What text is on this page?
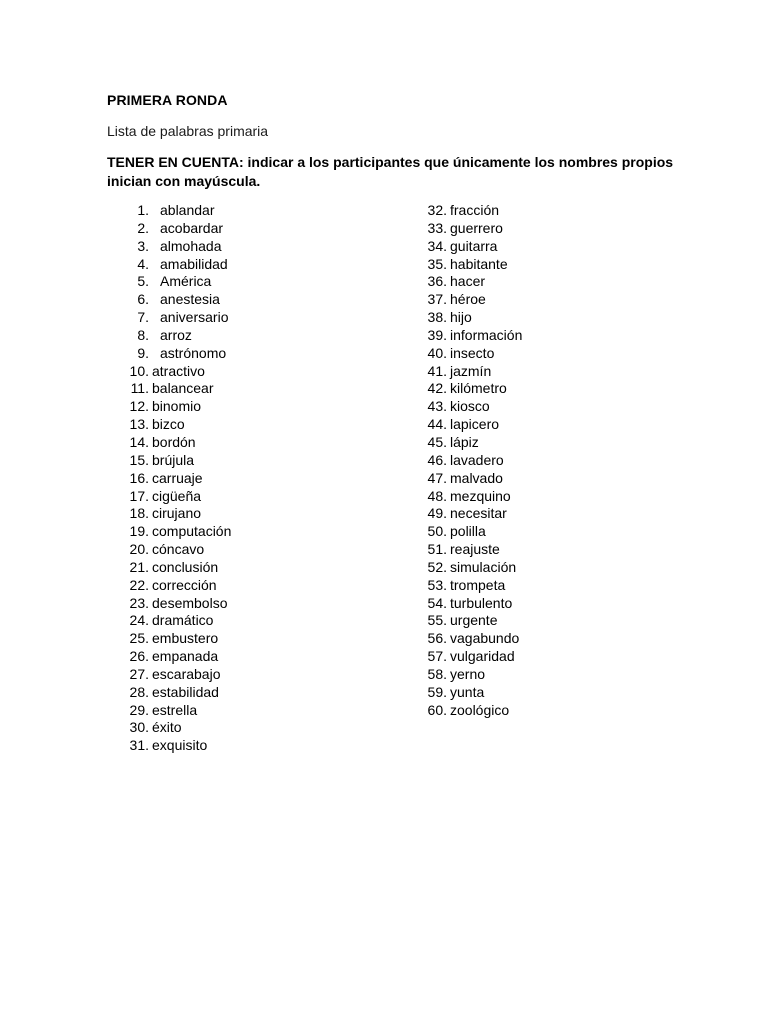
PRIMERA RONDA

Lista de palabras primaria

TENER EN CUENTA: indicar a los participantes que únicamente los nombres propios inician con mayúscula.

1. ablandar
2. acobardar
3. almohada
4. amabilidad
5. América
6. anestesia
7. aniversario
8. arroz
9. astrónomo
10. atractivo
11. balancear
12. binomio
13. bizco
14. bordón
15. brújula
16. carruaje
17. cigüeña
18. cirujano
19. computación
20. cóncavo
21. conclusión
22. corrección
23. desembolso
24. dramático
25. embustero
26. empanada
27. escarabajo
28. estabilidad
29. estrella
30. éxito
31. exquisito
32. fracción
33. guerrero
34. guitarra
35. habitante
36. hacer
37. héroe
38. hijo
39. información
40. insecto
41. jazmín
42. kilómetro
43. kiosco
44. lapicero
45. lápiz
46. lavadero
47. malvado
48. mezquino
49. necesitar
50. polilla
51. reajuste
52. simulación
53. trompeta
54. turbulento
55. urgente
56. vagabundo
57. vulgaridad
58. yerno
59. yunta
60. zoológico
